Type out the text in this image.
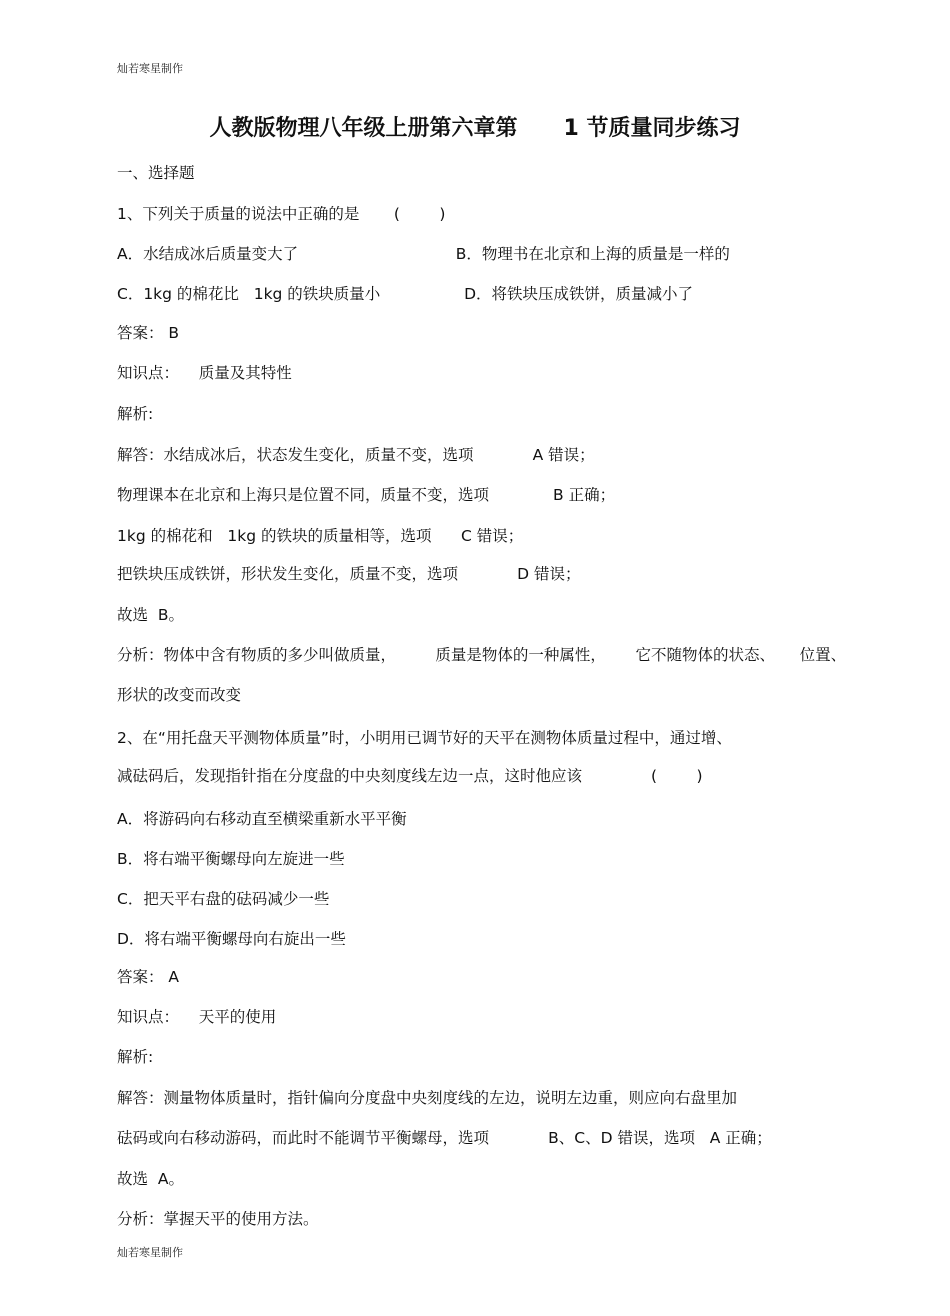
灿若寒星制作

人教版物理八年级上册第六章第      1 节质量同步练习

一、选择题

1、下列关于质量的说法中正确的是       (        )

A．水结成冰后质量变大了                                B．物理书在北京和上海的质量是一样的

C．1kg 的棉花比   1kg 的铁块质量小                 D．将铁块压成铁饼，质量减小了

答案： B

知识点：    质量及其特性

解析:

解答：水结成冰后，状态发生变化，质量不变，选项            A 错误；

物理课本在北京和上海只是位置不同，质量不变，选项             B 正确；

1kg 的棉花和   1kg 的铁块的质量相等，选项      C 错误；

把铁块压成铁饼，形状发生变化，质量不变，选项            D 错误；

故选  B。

分析：物体中含有物质的多少叫做质量，        质量是物体的一种属性，      它不随物体的状态、     位置、

形状的改变而改变

2、在“用托盘天平测物体质量”时，小明用已调节好的天平在测物体质量过程中，通过增、

减砝码后，发现指针指在分度盘的中央刻度线左边一点，这时他应该              (        )

A．将游码向右移动直至横梁重新水平平衡

B．将右端平衡螺母向左旋进一些

C．把天平右盘的砝码减少一些

D．将右端平衡螺母向右旋出一些

答案： A

知识点：    天平的使用

解析:

解答：测量物体质量时，指针偏向分度盘中央刻度线的左边，说明左边重，则应向右盘里加

砝码或向右移动游码，而此时不能调节平衡螺母，选项            B、C、D 错误，选项   A 正确；

故选  A。

分析：掌握天平的使用方法。

灿若寒星制作
